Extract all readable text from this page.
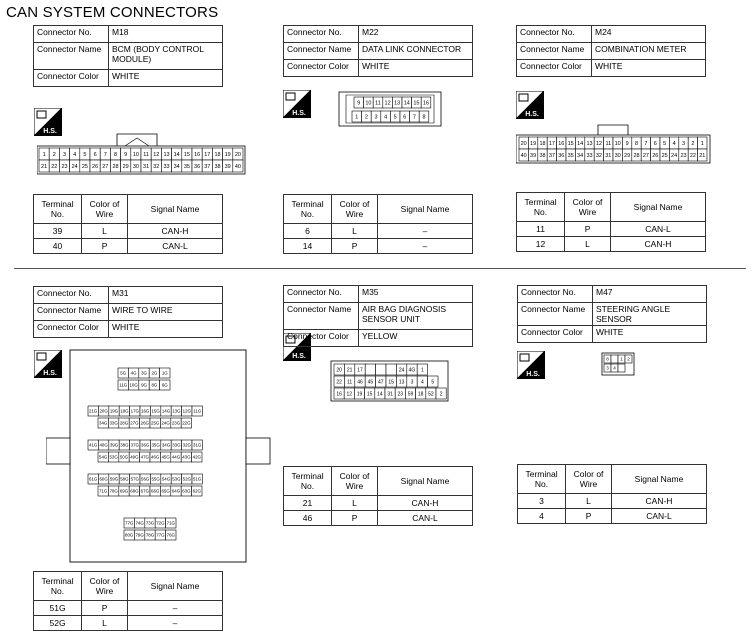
CAN SYSTEM CONNECTORS
Connector No.	M18
Connector Name	BCM (BODY CONTROL MODULE)
Connector Color	WHITE
Connector No.	M22
Connector Name	DATA LINK CONNECTOR
Connector Color	WHITE
Connector No.	M24
Connector Name	COMBINATION METER
Connector Color	WHITE
H.S.
H.S.	H.S.
H.S.
H.S.
H.S.
1 2 3 4 5 6 7 8 9 10 11 12 13 14 15 16 17 18 19 20
21 22 23 24 25 26 27 28 29 30 31 32 33 34 35 36 37 38 39 40
9 10 11 12 13 14 15 16
1 2 3 4 5 6 7 8
20 19 18 17 16 15 14 13 12 11 10 9 8 7 6 5 4 3 2 1
40 39 38 37 36 35 34 33 32 31 30 29 28 27 26 25 24 23 22 21
5G 4G 3G 2G 1G
11G 10G 9G 8G 6G
21G 20G 19G 18G 17G 16G 15G 14G 13G 12G 11G
34G 33G 28G 27G 26G 25G 24G 23G 22G
41G 40G 39G 38G 37G 36G 35G 34G 33G 32G 31G
54G 53G 50G 49G 47G 46G 45G 44G 43G 42G
61G 60G 59G 58G 57G 56G 55G 54G 53G 52G 51G
71G 70G 69G 68G 67G 66G 65G 64G 63G 62G
77G 74G 73G 72G 71G
80G 79G 78G 77G 76G
20 21 17	24 4G 1
22 11 46 45 47 15 13 3 4 5
16 12 19 15 14 31 23 59 18 52 2
8	1 2
3 4
Terminal No.	Color of Wire	Signal Name
39	L	CAN-H
40	P	CAN-L
Terminal No.	Color of Wire	Signal Name
6	L	–
14	P	–
Terminal No.	Color of Wire	Signal Name
11	P	CAN-L
12	L	CAN-H
Connector No.	M31
Connector Name	WIRE TO WIRE
Connector Color	WHITE
Connector No.	M35
Connector Name	AIR BAG DIAGNOSIS SENSOR UNIT
Connector Color	YELLOW
Connector No.	M47
Connector Name	STEERING ANGLE SENSOR
Connector Color	WHITE
Terminal No.	Color of Wire	Signal Name
51G	P	–
52G	L	–
Terminal No.	Color of Wire	Signal Name
21	L	CAN-H
46	P	CAN-L
Terminal No.	Color of Wire	Signal Name
3	L	CAN-H
4	P	CAN-L
